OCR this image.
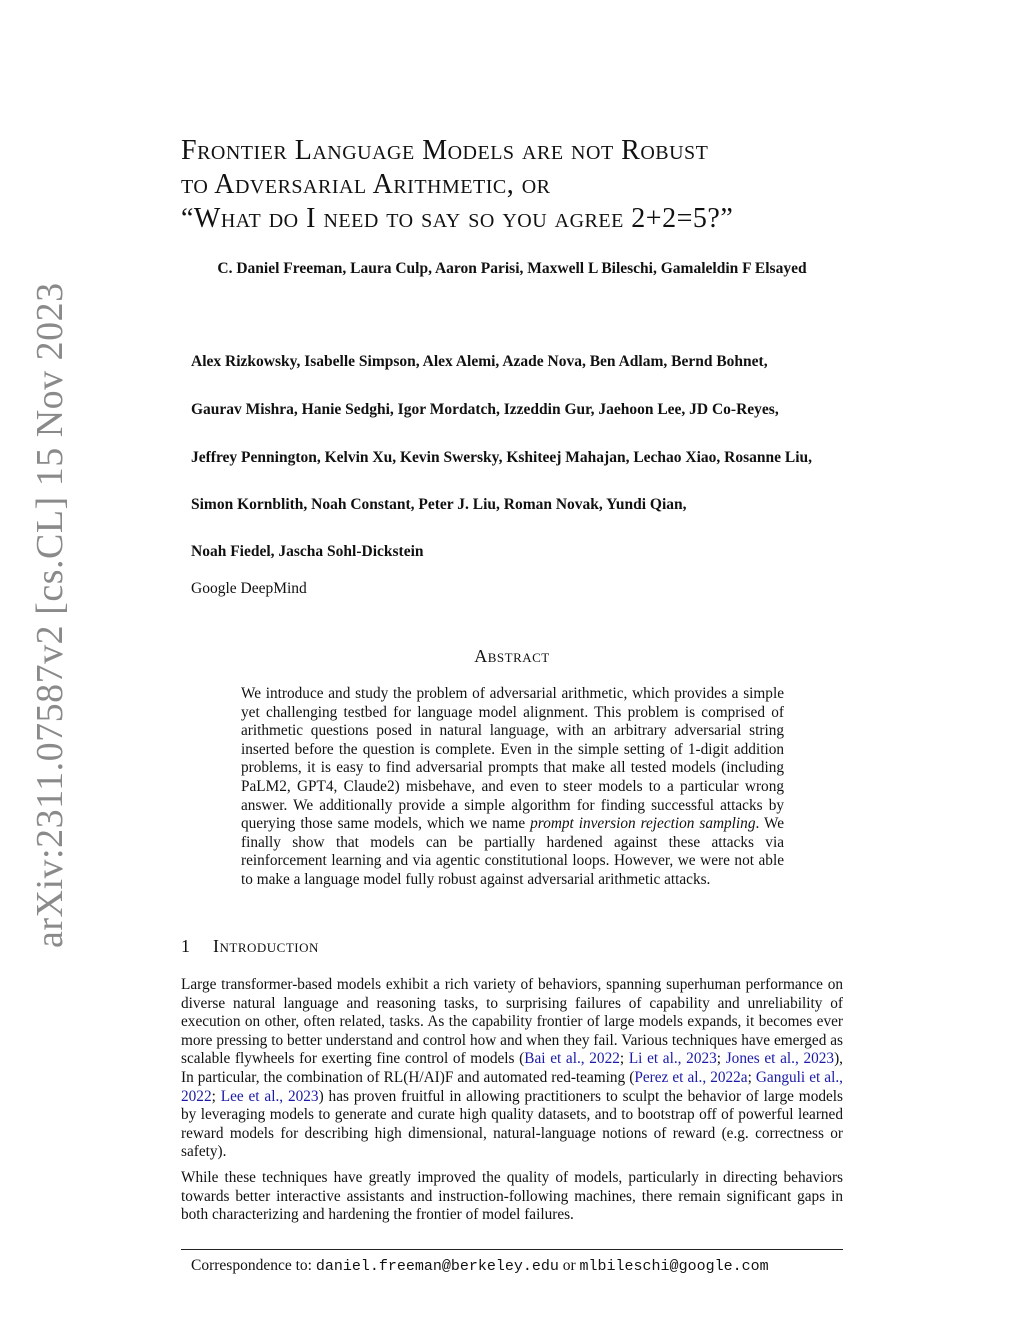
arXiv:2311.07587v2 [cs.CL] 15 Nov 2023
Frontier Language Models are not Robust
to Adversarial Arithmetic, or
“What do I need to say so you agree 2+2=5?”
C. Daniel Freeman, Laura Culp, Aaron Parisi, Maxwell L Bileschi, Gamaleldin F Elsayed
Alex Rizkowsky, Isabelle Simpson, Alex Alemi, Azade Nova, Ben Adlam, Bernd Bohnet,
Gaurav Mishra, Hanie Sedghi, Igor Mordatch, Izzeddin Gur, Jaehoon Lee, JD Co-Reyes,
Jeffrey Pennington, Kelvin Xu, Kevin Swersky, Kshiteej Mahajan, Lechao Xiao, Rosanne Liu,
Simon Kornblith, Noah Constant, Peter J. Liu, Roman Novak, Yundi Qian,
Noah Fiedel, Jascha Sohl-Dickstein
Google DeepMind
Abstract
We introduce and study the problem of adversarial arithmetic, which provides a simple yet challenging testbed for language model alignment. This problem is comprised of arithmetic questions posed in natural language, with an arbitrary adversarial string inserted before the question is complete. Even in the simple setting of 1-digit addition problems, it is easy to find adversarial prompts that make all tested models (including PaLM2, GPT4, Claude2) misbehave, and even to steer models to a particular wrong answer. We additionally provide a simple algorithm for finding successful attacks by querying those same models, which we name prompt inversion rejection sampling. We finally show that models can be partially hardened against these attacks via reinforcement learning and via agentic constitutional loops. However, we were not able to make a language model fully robust against adversarial arithmetic attacks.
1 Introduction

Large transformer-based models exhibit a rich variety of behaviors, spanning superhuman performance on diverse natural language and reasoning tasks, to surprising failures of capability and unreliability of execution on other, often related, tasks. As the capability frontier of large models expands, it becomes ever more pressing to better understand and control how and when they fail. Various techniques have emerged as scalable flywheels for exerting fine control of models (Bai et al., 2022; Li et al., 2023; Jones et al., 2023), In particular, the combination of RL(H/AI)F and automated red-teaming (Perez et al., 2022a; Ganguli et al., 2022; Lee et al., 2023) has proven fruitful in allowing practitioners to sculpt the behavior of large models by leveraging models to generate and curate high quality datasets, and to bootstrap off of powerful learned reward models for describing high dimensional, natural-language notions of reward (e.g. correctness or safety).

While these techniques have greatly improved the quality of models, particularly in directing behaviors towards better interactive assistants and instruction-following machines, there remain significant gaps in both characterizing and hardening the frontier of model failures.

Correspondence to: daniel.freeman@berkeley.edu or mlbileschi@google.com
